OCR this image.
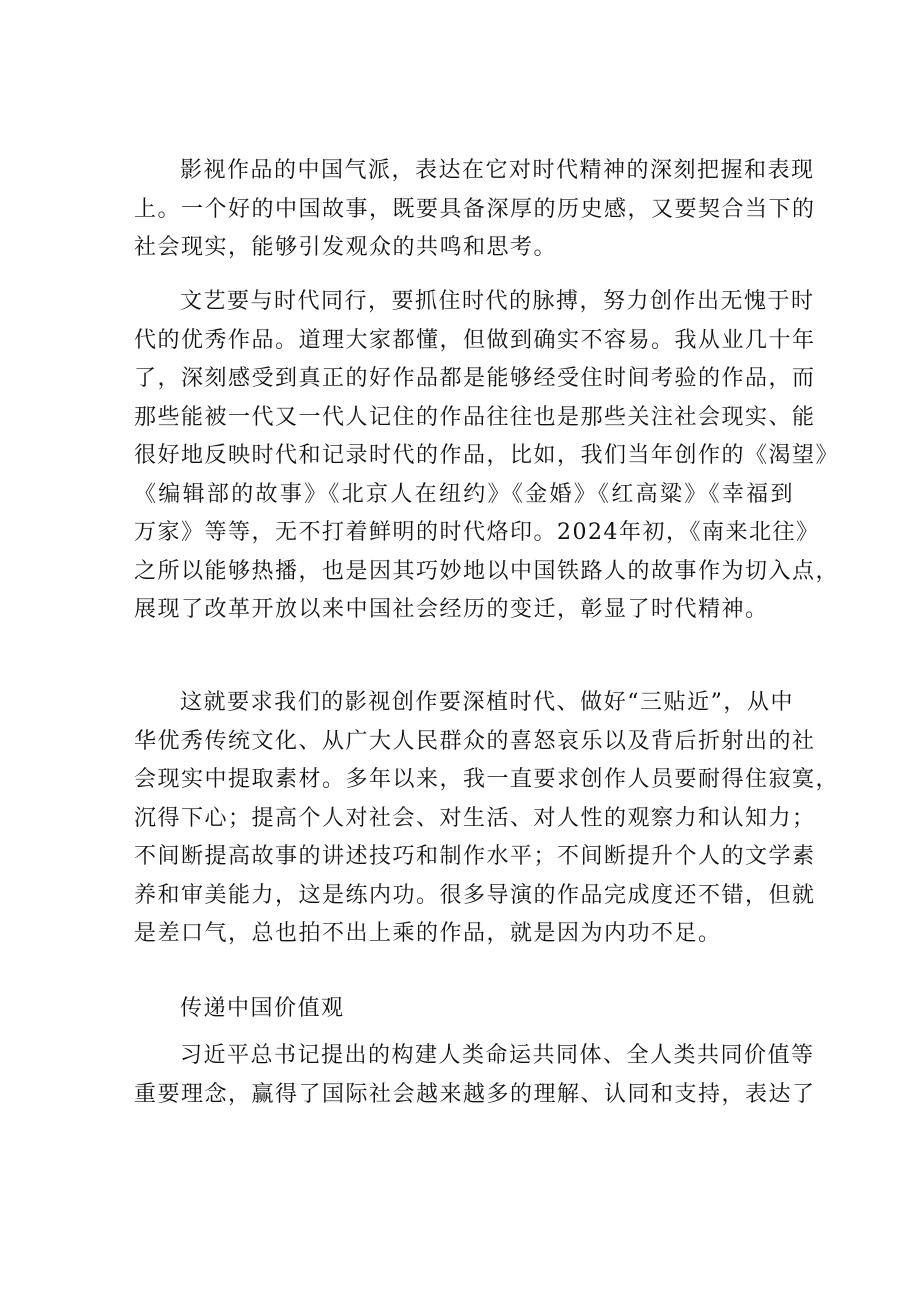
影视作品的中国气派，表达在它对时代精神的深刻把握和表现
上。一个好的中国故事，既要具备深厚的历史感，又要契合当下的
社会现实，能够引发观众的共鸣和思考。
文艺要与时代同行，要抓住时代的脉搏，努力创作出无愧于时
代的优秀作品。道理大家都懂，但做到确实不容易。我从业几十年
了，深刻感受到真正的好作品都是能够经受住时间考验的作品，而
那些能被一代又一代人记住的作品往往也是那些关注社会现实、能
很好地反映时代和记录时代的作品，比如，我们当年创作的《渴望》
《编辑部的故事》《北京人在纽约》《金婚》《红高粱》《幸福到
万家》等等，无不打着鲜明的时代烙印。2024年初，《南来北往》
之所以能够热播，也是因其巧妙地以中国铁路人的故事作为切入点，
展现了改革开放以来中国社会经历的变迁，彰显了时代精神。
这就要求我们的影视创作要深植时代、做好“三贴近”，从中
华优秀传统文化、从广大人民群众的喜怒哀乐以及背后折射出的社
会现实中提取素材。多年以来，我一直要求创作人员要耐得住寂寞，
沉得下心；提高个人对社会、对生活、对人性的观察力和认知力；
不间断提高故事的讲述技巧和制作水平；不间断提升个人的文学素
养和审美能力，这是练内功。很多导演的作品完成度还不错，但就
是差口气，总也拍不出上乘的作品，就是因为内功不足。
传递中国价值观
习近平总书记提出的构建人类命运共同体、全人类共同价值等
重要理念，赢得了国际社会越来越多的理解、认同和支持，表达了
